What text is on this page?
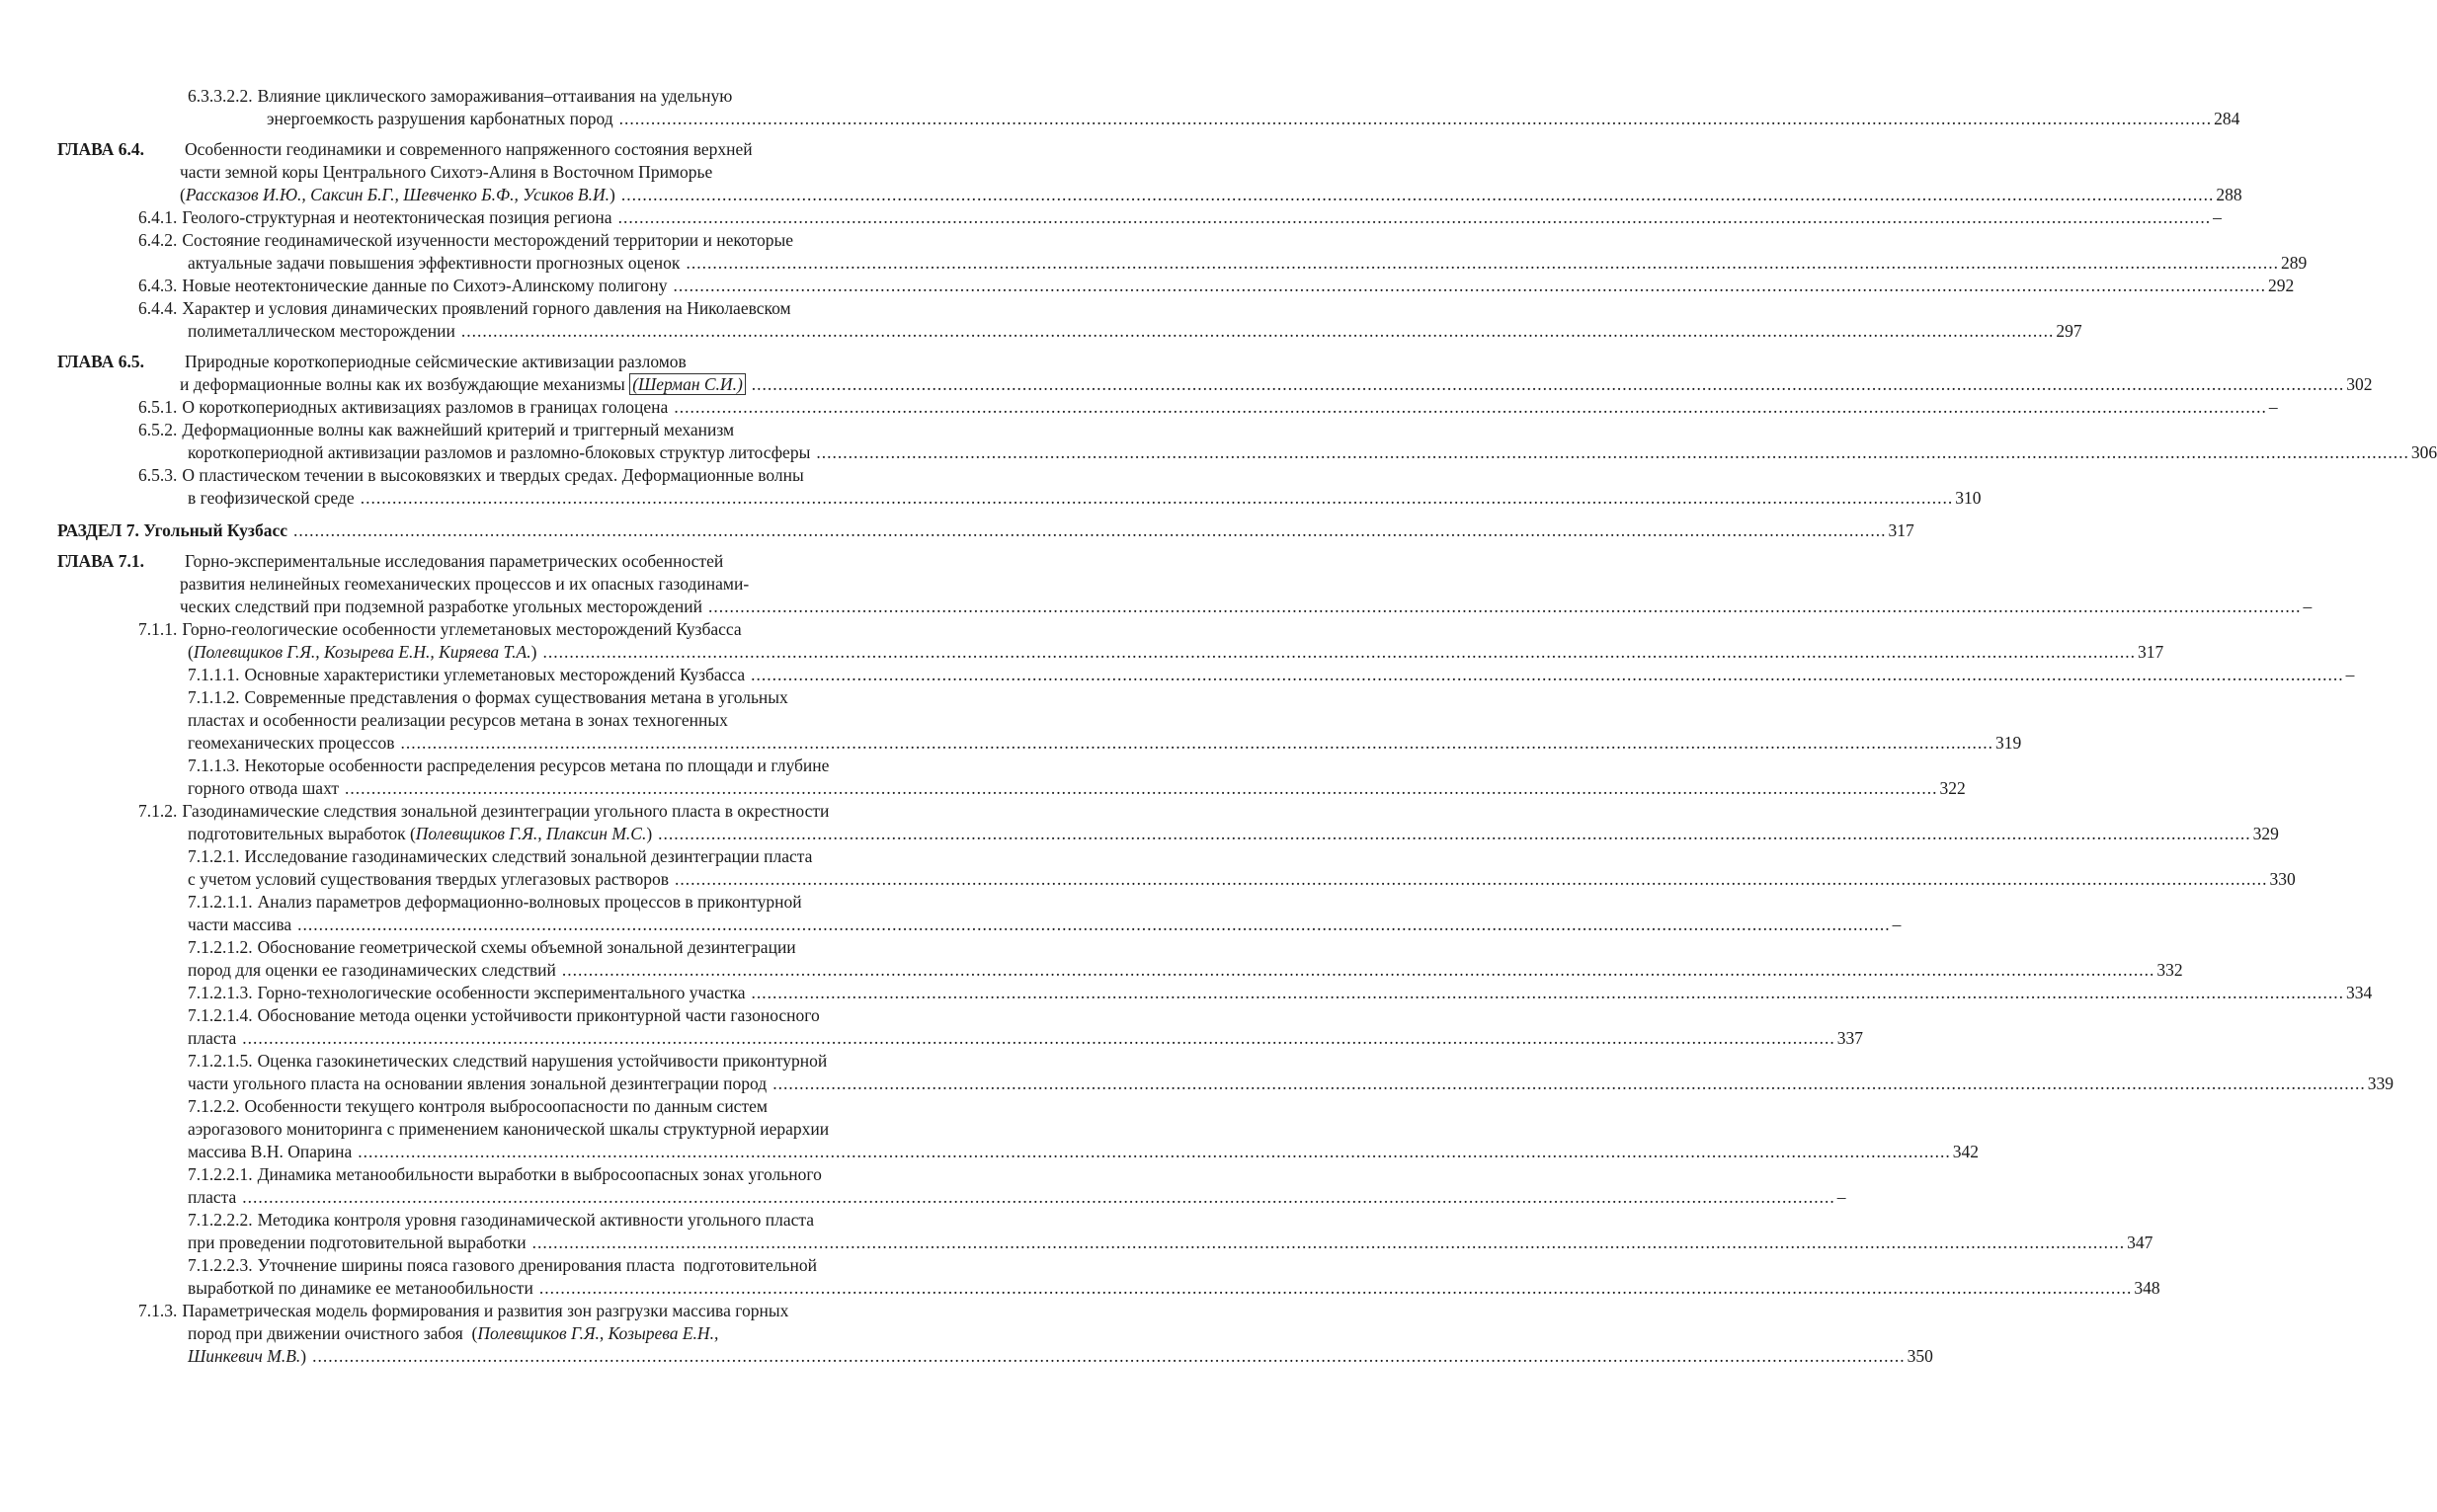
6.3.3.2.2. Влияние циклического замораживания–оттаивания на удельную
энергоемкость разрушения карбонатных пород ............................................................................................................................................................................................................................................................................................................ 284
ГЛАВА 6.4. Особенности геодинамики и современного напряженного состояния верхней
части земной коры Центрального Сихотэ-Алиня в Восточном Приморье
(Рассказов И.Ю., Саксин Б.Г., Шевченко Б.Ф., Усиков В.И.) ............................................................................................................................................................................................................................................................................................................ 288
6.4.1. Геолого-структурная и неотектоническая позиция региона ............................................................................................................................................................................................................................................................................................................ –
6.4.2. Состояние геодинамической изученности месторождений территории и некоторые
актуальные задачи повышения эффективности прогнозных оценок ............................................................................................................................................................................................................................................................................................................ 289
6.4.3. Новые неотектонические данные по Сихотэ-Алинскому полигону ............................................................................................................................................................................................................................................................................................................ 292
6.4.4. Характер и условия динамических проявлений горного давления на Николаевском
полиметаллическом месторождении ............................................................................................................................................................................................................................................................................................................ 297
ГЛАВА 6.5. Природные короткопериодные сейсмические активизации разломов
и деформационные волны как их возбуждающие механизмы (Шерман С.И.) ............................................................................................................................................................................................................................................................................................................ 302
6.5.1. О короткопериодных активизациях разломов в границах голоцена ............................................................................................................................................................................................................................................................................................................ –
6.5.2. Деформационные волны как важнейший критерий и триггерный механизм
короткопериодной активизации разломов и разломно-блоковых структур литосферы ............................................................................................................................................................................................................................................................................................................ 306
6.5.3. О пластическом течении в высоковязких и твердых средах. Деформационные волны
в геофизической среде ............................................................................................................................................................................................................................................................................................................ 310
РАЗДЕЛ 7. Угольный Кузбасс ............................................................................................................................................................................................................................................................................................................ 317
ГЛАВА 7.1. Горно-экспериментальные исследования параметрических особенностей
развития нелинейных геомеханических процессов и их опасных газодинами-
ческих следствий при подземной разработке угольных месторождений ............................................................................................................................................................................................................................................................................................................ –
7.1.1. Горно-геологические особенности углеметановых месторождений Кузбасса
(Полевщиков Г.Я., Козырева Е.Н., Киряева Т.А.) ............................................................................................................................................................................................................................................................................................................ 317
7.1.1.1. Основные характеристики углеметановых месторождений Кузбасса ............................................................................................................................................................................................................................................................................................................ –
7.1.1.2. Современные представления о формах существования метана в угольных
пластах и особенности реализации ресурсов метана в зонах техногенных
геомеханических процессов ............................................................................................................................................................................................................................................................................................................ 319
7.1.1.3. Некоторые особенности распределения ресурсов метана по площади и глубине
горного отвода шахт ............................................................................................................................................................................................................................................................................................................ 322
7.1.2. Газодинамические следствия зональной дезинтеграции угольного пласта в окрестности
подготовительных выработок (Полевщиков Г.Я., Плаксин М.С.) ............................................................................................................................................................................................................................................................................................................ 329
7.1.2.1. Исследование газодинамических следствий зональной дезинтеграции пласта
с учетом условий существования твердых углегазовых растворов ............................................................................................................................................................................................................................................................................................................ 330
7.1.2.1.1. Анализ параметров деформационно-волновых процессов в приконтурной
части массива ............................................................................................................................................................................................................................................................................................................ –
7.1.2.1.2. Обоснование геометрической схемы объемной зональной дезинтеграции
пород для оценки ее газодинамических следствий ............................................................................................................................................................................................................................................................................................................ 332
7.1.2.1.3. Горно-технологические особенности экспериментального участка ............................................................................................................................................................................................................................................................................................................ 334
7.1.2.1.4. Обоснование метода оценки устойчивости приконтурной части газоносного
пласта ............................................................................................................................................................................................................................................................................................................ 337
7.1.2.1.5. Оценка газокинетических следствий нарушения устойчивости приконтурной
части угольного пласта на основании явления зональной дезинтеграции пород ............................................................................................................................................................................................................................................................................................................ 339
7.1.2.2. Особенности текущего контроля выбросоопасности по данным систем
аэрогазового мониторинга с применением канонической шкалы структурной иерархии
массива В.Н. Опарина ............................................................................................................................................................................................................................................................................................................ 342
7.1.2.2.1. Динамика метанообильности выработки в выбросоопасных зонах угольного
пласта ............................................................................................................................................................................................................................................................................................................ –
7.1.2.2.2. Методика контроля уровня газодинамической активности угольного пласта
при проведении подготовительной выработки ............................................................................................................................................................................................................................................................................................................ 347
7.1.2.2.3. Уточнение ширины пояса газового дренирования пласта  подготовительной
выработкой по динамике ее метанообильности ............................................................................................................................................................................................................................................................................................................ 348
7.1.3. Параметрическая модель формирования и развития зон разгрузки массива горных
пород при движении очистного забоя  (Полевщиков Г.Я., Козырева Е.Н.,
Шинкевич М.В.) ............................................................................................................................................................................................................................................................................................................ 350
